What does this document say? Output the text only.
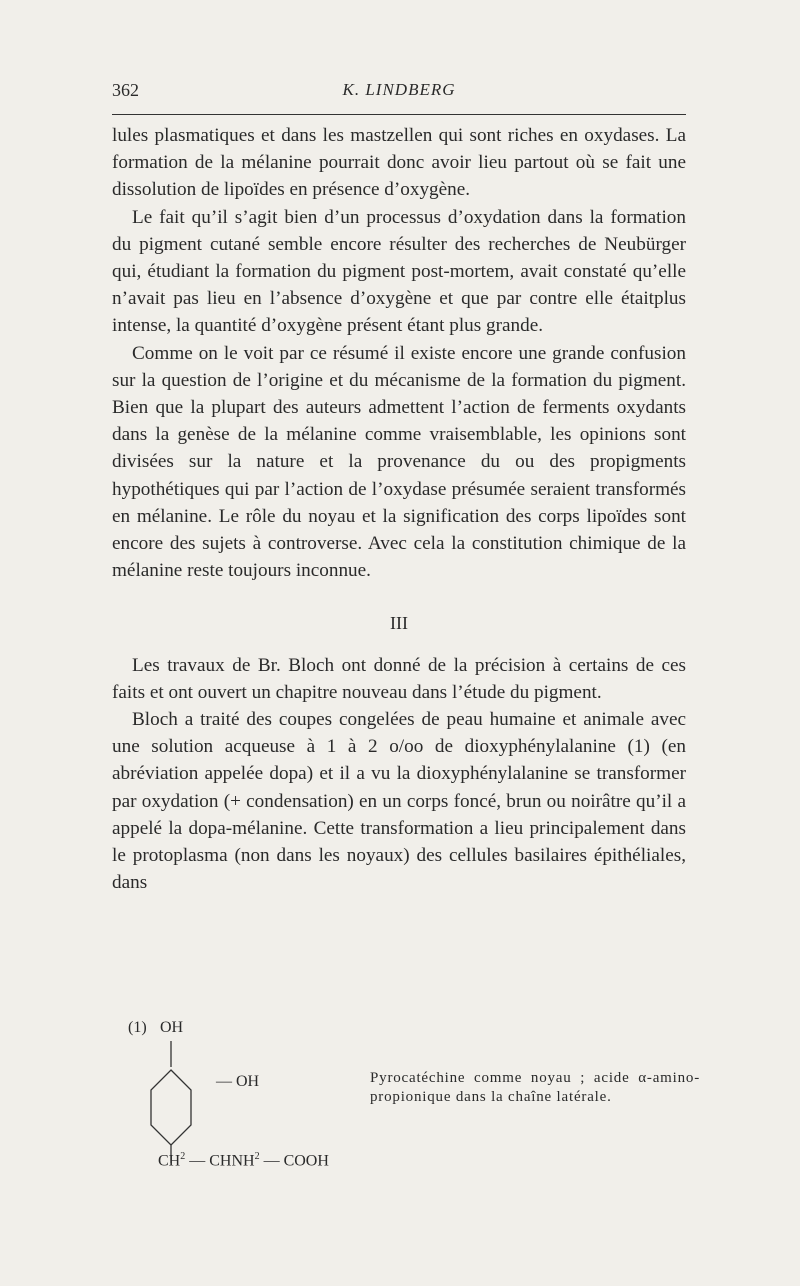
362	K. LINDBERG

lules plasmatiques et dans les mastzellen qui sont riches en oxydases. La formation de la mélanine pourrait donc avoir lieu partout où se fait une dissolution de lipoïdes en présence d’oxygène.

Le fait qu’il s’agit bien d’un processus d’oxydation dans la formation du pigment cutané semble encore résulter des recherches de Neubürger qui, étudiant la formation du pigment post-mortem, avait constaté qu’elle n’avait pas lieu en l’absence d’oxygène et que par contre elle étaitplus intense, la quantité d’oxygène présent étant plus grande.

Comme on le voit par ce résumé il existe encore une grande confusion sur la question de l’origine et du mécanisme de la formation du pigment. Bien que la plupart des auteurs admettent l’action de ferments oxydants dans la genèse de la mélanine comme vraisemblable, les opinions sont divisées sur la nature et la provenance du ou des propigments hypothétiques qui par l’action de l’oxydase présumée seraient transformés en mélanine. Le rôle du noyau et la signification des corps lipoïdes sont encore des sujets à controverse. Avec cela la constitution chimique de la mélanine reste toujours inconnue.

III

Les travaux de Br. Bloch ont donné de la précision à certains de ces faits et ont ouvert un chapitre nouveau dans l’étude du pigment.

Bloch a traité des coupes congelées de peau humaine et animale avec une solution acqueuse à 1 à 2 o/oo de dioxyphénylalanine (1) (en abréviation appelée dopa) et il a vu la dioxyphénylalanine se transformer par oxydation (+ condensation) en un corps foncé, brun ou noirâtre qu’il a appelé la dopa-mélanine. Cette transformation a lieu principalement dans le protoplasma (non dans les noyaux) des cellules basilaires épithéliales, dans

(1) OH
— OH
$CH^2$ — CHNH$^2$ — COOH
Pyrocatéchine comme noyau ; acide α-amino-propionique dans la chaîne latérale.
